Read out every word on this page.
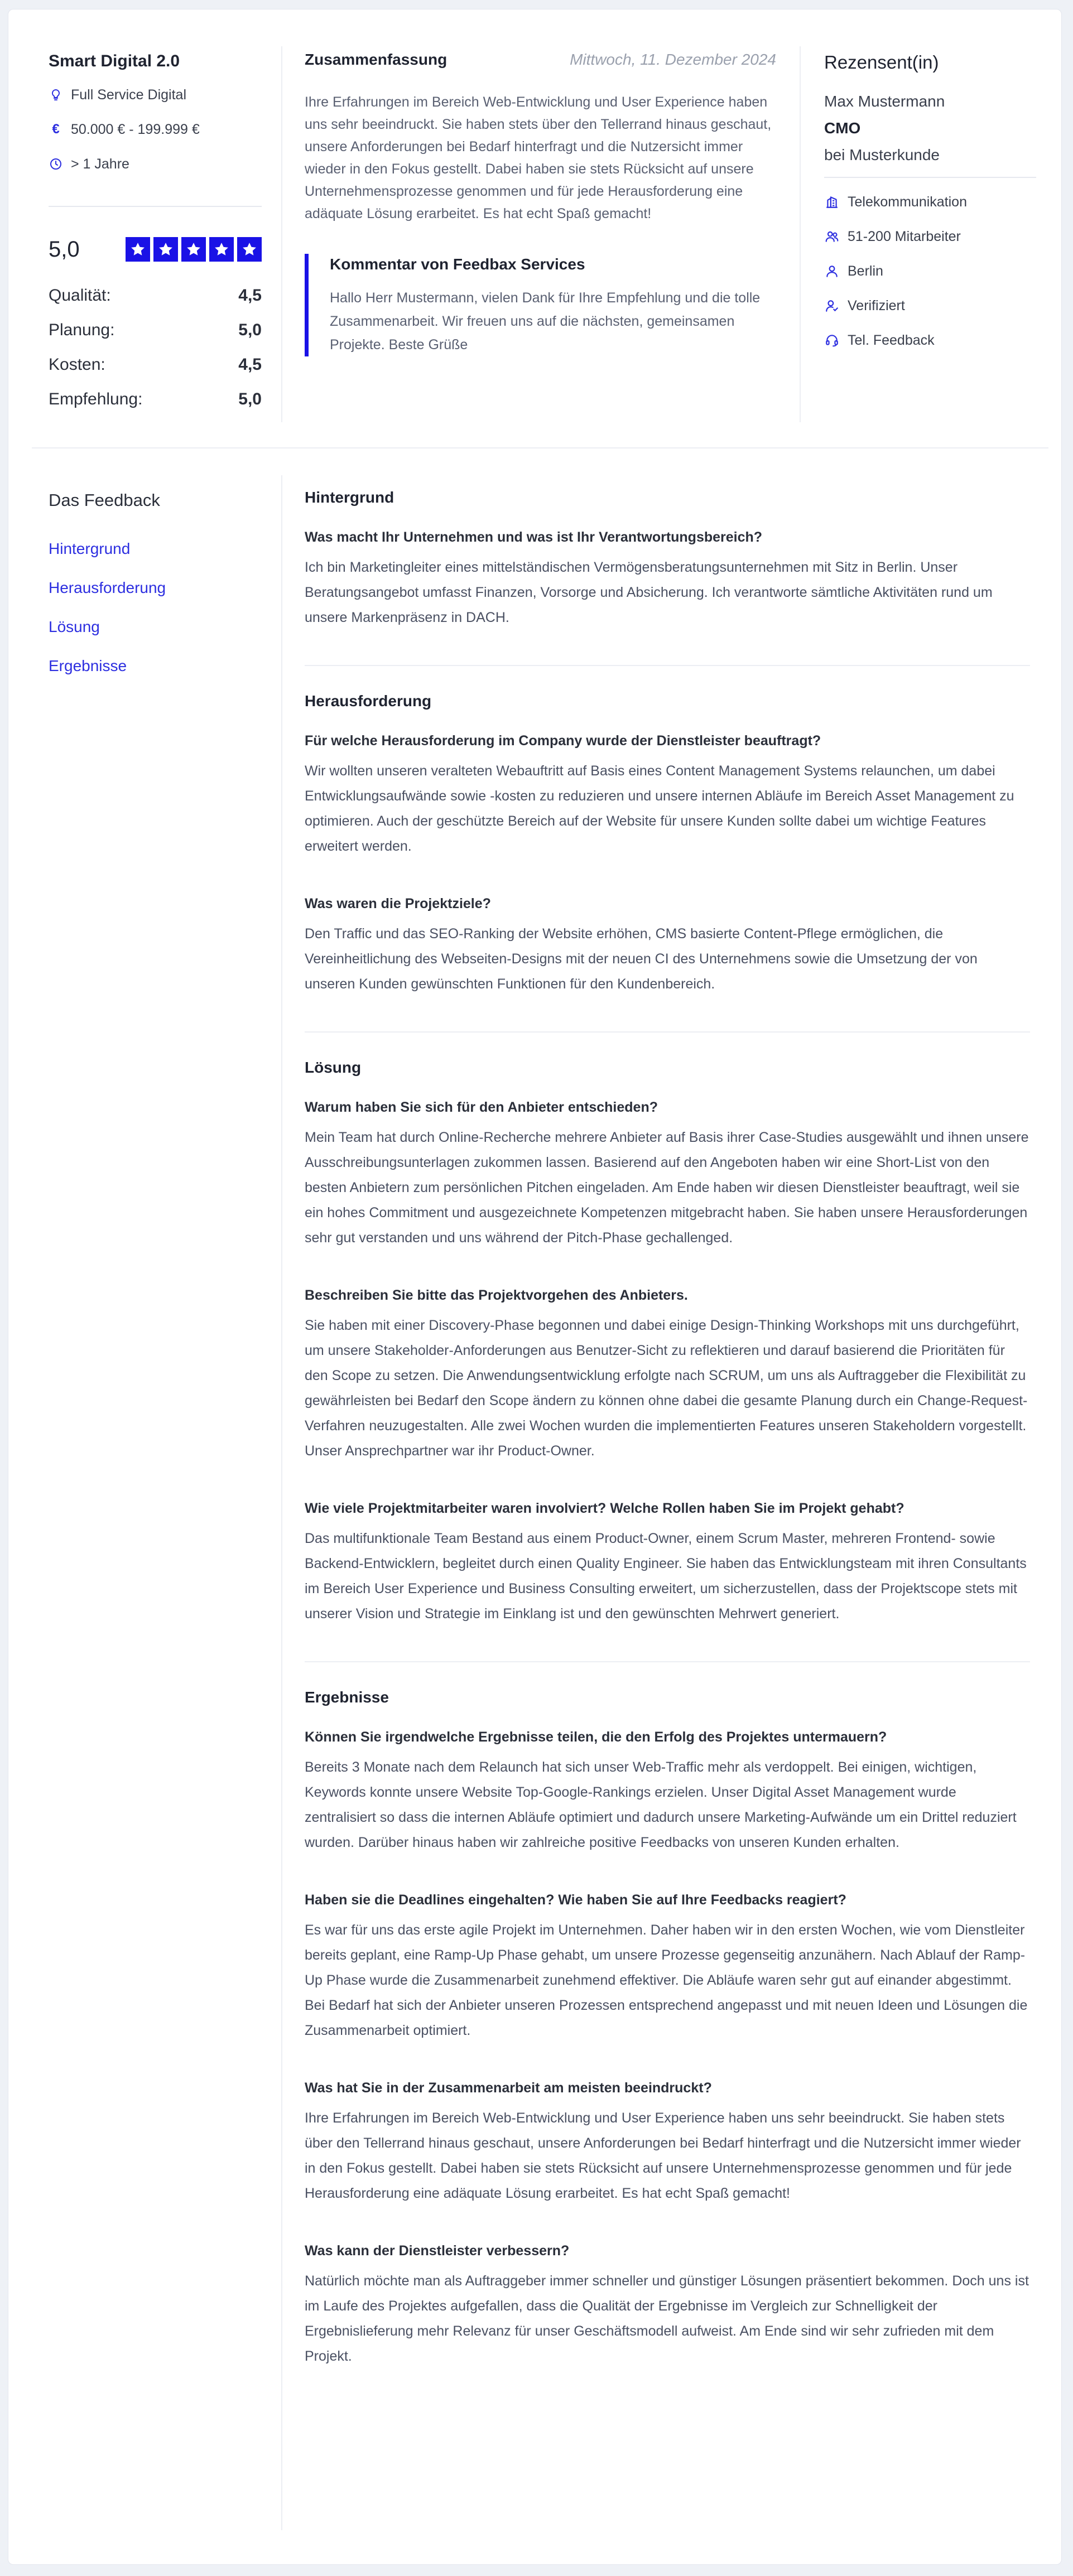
Smart Digital 2.0
Full Service Digital
€ 50.000 € - 199.999 €
> 1 Jahre
5,0
Qualität:	4,5
Planung:	5,0
Kosten:	4,5
Empfehlung:	5,0
Zusammenfassung	Mittwoch, 11. Dezember 2024
Ihre Erfahrungen im Bereich Web-Entwicklung und User Experience haben uns sehr beeindruckt. Sie haben stets über den Tellerrand hinaus geschaut, unsere Anforderungen bei Bedarf hinterfragt und die Nutzersicht immer wieder in den Fokus gestellt. Dabei haben sie stets Rücksicht auf unsere Unternehmensprozesse genommen und für jede Herausforderung eine adäquate Lösung erarbeitet. Es hat echt Spaß gemacht!
Kommentar von Feedbax Services
Hallo Herr Mustermann, vielen Dank für Ihre Empfehlung und die tolle Zusammenarbeit. Wir freuen uns auf die nächsten, gemeinsamen Projekte. Beste Grüße
Rezensent(in)
Max Mustermann
CMO
bei Musterkunde
Telekommunikation
51-200 Mitarbeiter
Berlin
Verifiziert
Tel. Feedback
Das Feedback
Hintergrund
Herausforderung
Lösung
Ergebnisse
Hintergrund
Was macht Ihr Unternehmen und was ist Ihr Verantwortungsbereich?
Ich bin Marketingleiter eines mittelständischen Vermögensberatungsunternehmen mit Sitz in Berlin. Unser Beratungsangebot umfasst Finanzen, Vorsorge und Absicherung. Ich verantworte sämtliche Aktivitäten rund um unsere Markenpräsenz in DACH.
Herausforderung
Für welche Herausforderung im Company wurde der Dienstleister beauftragt?
Wir wollten unseren veralteten Webauftritt auf Basis eines Content Management Systems relaunchen, um dabei Entwicklungsaufwände sowie -kosten zu reduzieren und unsere internen Abläufe im Bereich Asset Management zu optimieren. Auch der geschützte Bereich auf der Website für unsere Kunden sollte dabei um wichtige Features erweitert werden.
Was waren die Projektziele?
Den Traffic und das SEO-Ranking der Website erhöhen, CMS basierte Content-Pflege ermöglichen, die Vereinheitlichung des Webseiten-Designs mit der neuen CI des Unternehmens sowie die Umsetzung der von unseren Kunden gewünschten Funktionen für den Kundenbereich.
Lösung
Warum haben Sie sich für den Anbieter entschieden?
Mein Team hat durch Online-Recherche mehrere Anbieter auf Basis ihrer Case-Studies ausgewählt und ihnen unsere Ausschreibungsunterlagen zukommen lassen. Basierend auf den Angeboten haben wir eine Short-List von den besten Anbietern zum persönlichen Pitchen eingeladen. Am Ende haben wir diesen Dienstleister beauftragt, weil sie ein hohes Commitment und ausgezeichnete Kompetenzen mitgebracht haben. Sie haben unsere Herausforderungen sehr gut verstanden und uns während der Pitch-Phase gechallenged.
Beschreiben Sie bitte das Projektvorgehen des Anbieters.
Sie haben mit einer Discovery-Phase begonnen und dabei einige Design-Thinking Workshops mit uns durchgeführt, um unsere Stakeholder-Anforderungen aus Benutzer-Sicht zu reflektieren und darauf basierend die Prioritäten für den Scope zu setzen. Die Anwendungsentwicklung erfolgte nach SCRUM, um uns als Auftraggeber die Flexibilität zu gewährleisten bei Bedarf den Scope ändern zu können ohne dabei die gesamte Planung durch ein Change-Request-Verfahren neuzugestalten. Alle zwei Wochen wurden die implementierten Features unseren Stakeholdern vorgestellt. Unser Ansprechpartner war ihr Product-Owner.
Wie viele Projektmitarbeiter waren involviert? Welche Rollen haben Sie im Projekt gehabt?
Das multifunktionale Team Bestand aus einem Product-Owner, einem Scrum Master, mehreren Frontend- sowie Backend-Entwicklern, begleitet durch einen Quality Engineer. Sie haben das Entwicklungsteam mit ihren Consultants im Bereich User Experience und Business Consulting erweitert, um sicherzustellen, dass der Projektscope stets mit unserer Vision und Strategie im Einklang ist und den gewünschten Mehrwert generiert.
Ergebnisse
Können Sie irgendwelche Ergebnisse teilen, die den Erfolg des Projektes untermauern?
Bereits 3 Monate nach dem Relaunch hat sich unser Web-Traffic mehr als verdoppelt. Bei einigen, wichtigen, Keywords konnte unsere Website Top-Google-Rankings erzielen. Unser Digital Asset Management wurde zentralisiert so dass die internen Abläufe optimiert und dadurch unsere Marketing-Aufwände um ein Drittel reduziert wurden. Darüber hinaus haben wir zahlreiche positive Feedbacks von unseren Kunden erhalten.
Haben sie die Deadlines eingehalten? Wie haben Sie auf Ihre Feedbacks reagiert?
Es war für uns das erste agile Projekt im Unternehmen. Daher haben wir in den ersten Wochen, wie vom Dienstleiter bereits geplant, eine Ramp-Up Phase gehabt, um unsere Prozesse gegenseitig anzunähern. Nach Ablauf der Ramp-Up Phase wurde die Zusammenarbeit zunehmend effektiver. Die Abläufe waren sehr gut auf einander abgestimmt. Bei Bedarf hat sich der Anbieter unseren Prozessen entsprechend angepasst und mit neuen Ideen und Lösungen die Zusammenarbeit optimiert.
Was hat Sie in der Zusammenarbeit am meisten beeindruckt?
Ihre Erfahrungen im Bereich Web-Entwicklung und User Experience haben uns sehr beeindruckt. Sie haben stets über den Tellerrand hinaus geschaut, unsere Anforderungen bei Bedarf hinterfragt und die Nutzersicht immer wieder in den Fokus gestellt. Dabei haben sie stets Rücksicht auf unsere Unternehmensprozesse genommen und für jede Herausforderung eine adäquate Lösung erarbeitet. Es hat echt Spaß gemacht!
Was kann der Dienstleister verbessern?
Natürlich möchte man als Auftraggeber immer schneller und günstiger Lösungen präsentiert bekommen. Doch uns ist im Laufe des Projektes aufgefallen, dass die Qualität der Ergebnisse im Vergleich zur Schnelligkeit der Ergebnislieferung mehr Relevanz für unser Geschäftsmodell aufweist. Am Ende sind wir sehr zufrieden mit dem Projekt.
